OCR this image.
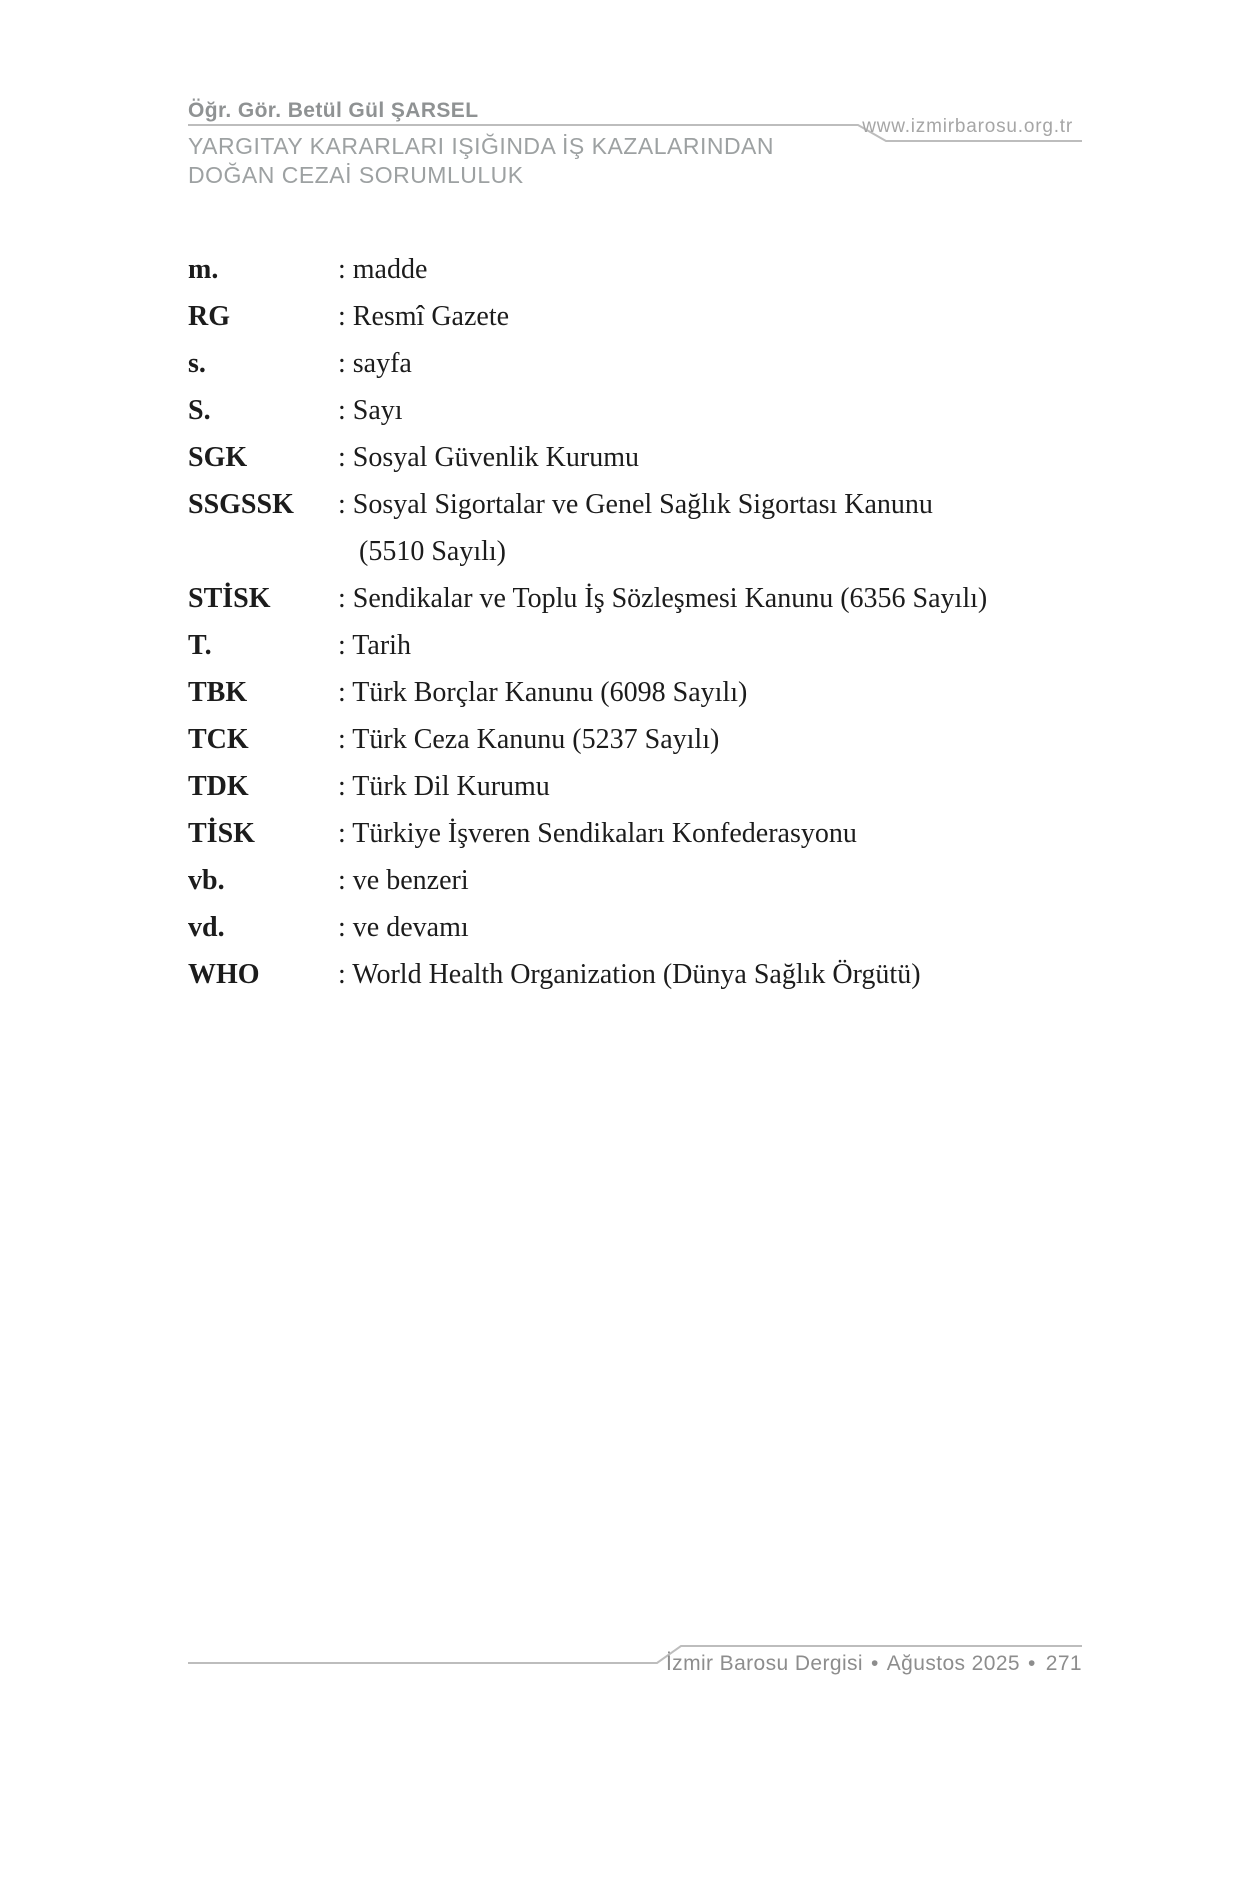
Öğr. Gör. Betül Gül ŞARSEL
www.izmirbarosu.org.tr
YARGITAY KARARLARI IŞIĞINDA İŞ KAZALARINDAN
DOĞAN CEZAİ SORUMLULUK
m.	: madde
RG	: Resmî Gazete
s.	: sayfa
S.	: Sayı
SGK	: Sosyal Güvenlik Kurumu
SSGSSK	: Sosyal Sigortalar ve Genel Sağlık Sigortası Kanunu
(5510 Sayılı)
STİSK	: Sendikalar ve Toplu İş Sözleşmesi Kanunu (6356 Sayılı)
T.	: Tarih
TBK	: Türk Borçlar Kanunu (6098 Sayılı)
TCK	: Türk Ceza Kanunu (5237 Sayılı)
TDK	: Türk Dil Kurumu
TİSK	: Türkiye İşveren Sendikaları Konfederasyonu
vb.	: ve benzeri
vd.	: ve devamı
WHO	: World Health Organization (Dünya Sağlık Örgütü)
İzmir Barosu Dergisi • Ağustos 2025 • 271
